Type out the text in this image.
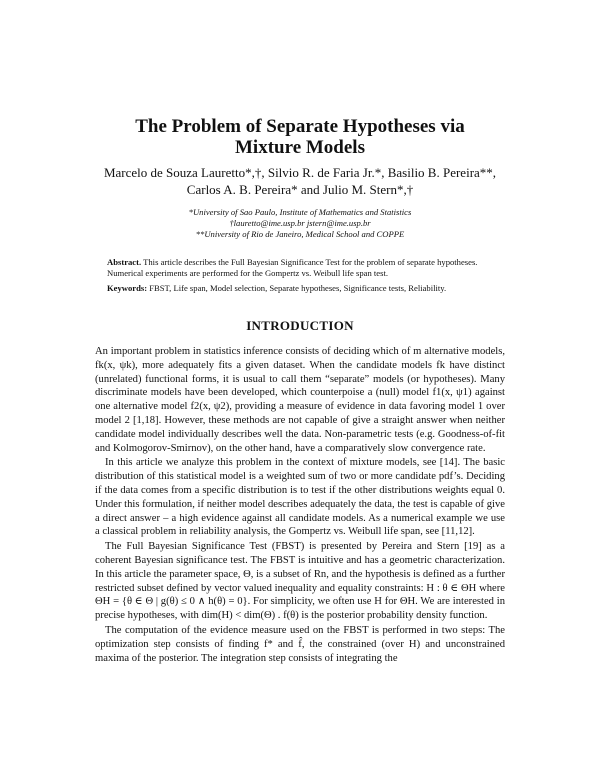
The Problem of Separate Hypotheses via
Mixture Models
Marcelo de Souza Lauretto*,†, Silvio R. de Faria Jr.*, Basilio B. Pereira**,
Carlos A. B. Pereira* and Julio M. Stern*,†
*University of Sao Paulo, Institute of Mathematics and Statistics
†lauretto@ime.usp.br jstern@ime.usp.br
**University of Rio de Janeiro, Medical School and COPPE
Abstract. This article describes the Full Bayesian Significance Test for the problem of separate hypotheses. Numerical experiments are performed for the Gompertz vs. Weibull life span test.
Keywords: FBST, Life span, Model selection, Separate hypotheses, Significance tests, Reliability.
INTRODUCTION

An important problem in statistics inference consists of deciding which of m alternative models, fk(x, ψk), more adequately fits a given dataset. When the candidate models fk have distinct (unrelated) functional forms, it is usual to call them “separate” models (or hypotheses). Many discriminate models have been developed, which counterpoise a (null) model f1(x, ψ1) against one alternative model f2(x, ψ2), providing a measure of evidence in data favoring model 1 over model 2 [1,18]. However, these methods are not capable of give a straight answer when neither candidate model individually describes well the data. Non-parametric tests (e.g. Goodness-of-fit and Kolmogorov-Smirnov), on the other hand, have a comparatively slow convergence rate.

In this article we analyze this problem in the context of mixture models, see [14]. The basic distribution of this statistical model is a weighted sum of two or more candidate pdf’s. Deciding if the data comes from a specific distribution is to test if the other distributions weights equal 0. Under this formulation, if neither model describes adequately the data, the test is capable of give a direct answer – a high evidence against all candidate models. As a numerical example we use a classical problem in reliability analysis, the Gompertz vs. Weibull life span, see [11,12].

The Full Bayesian Significance Test (FBST) is presented by Pereira and Stern [19] as a coherent Bayesian significance test. The FBST is intuitive and has a geometric characterization. In this article the parameter space, Θ, is a subset of Rn, and the hypothesis is defined as a further restricted subset defined by vector valued inequality and equality constraints: H : θ ∈ ΘH where ΘH = {θ ∈ Θ | g(θ) ≤ 0 ∧ h(θ) = 0}. For simplicity, we often use H for ΘH. We are interested in precise hypotheses, with dim(H) < dim(Θ) . f(θ) is the posterior probability density function.

The computation of the evidence measure used on the FBST is performed in two steps: The optimization step consists of finding f* and f̂, the constrained (over H) and unconstrained maxima of the posterior. The integration step consists of integrating the
